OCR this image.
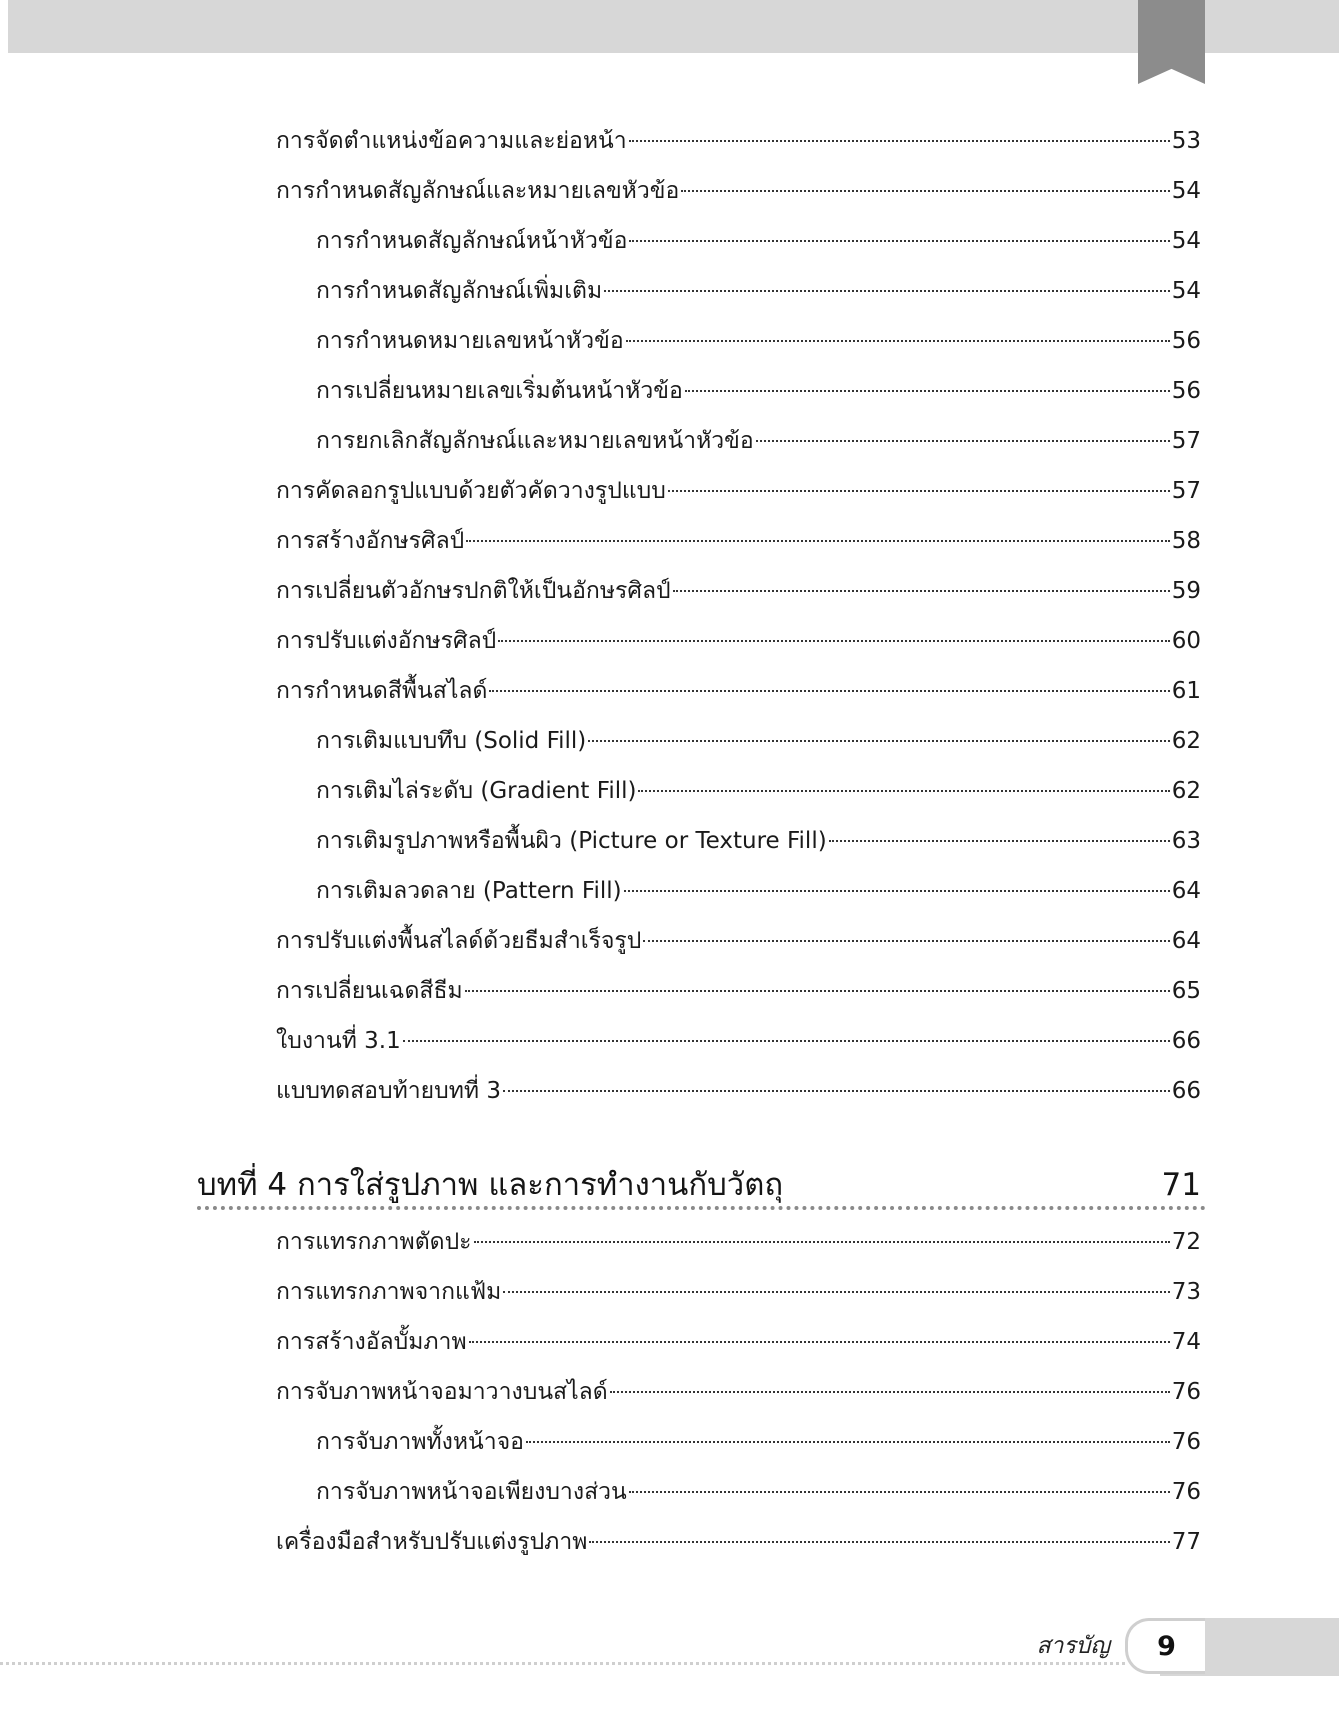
การจัดตำแหน่งข้อความและย่อหน้า	53
การกำหนดสัญลักษณ์และหมายเลขหัวข้อ	54
การกำหนดสัญลักษณ์หน้าหัวข้อ	54
การกำหนดสัญลักษณ์เพิ่มเติม	54
การกำหนดหมายเลขหน้าหัวข้อ	56
การเปลี่ยนหมายเลขเริ่มต้นหน้าหัวข้อ	56
การยกเลิกสัญลักษณ์และหมายเลขหน้าหัวข้อ	57
การคัดลอกรูปแบบด้วยตัวคัดวางรูปแบบ	57
การสร้างอักษรศิลป์	58
การเปลี่ยนตัวอักษรปกติให้เป็นอักษรศิลป์	59
การปรับแต่งอักษรศิลป์	60
การกำหนดสีพื้นสไลด์	61
การเติมแบบทึบ (Solid Fill)	62
การเติมไล่ระดับ (Gradient Fill)	62
การเติมรูปภาพหรือพื้นผิว (Picture or Texture Fill)	63
การเติมลวดลาย (Pattern Fill)	64
การปรับแต่งพื้นสไลด์ด้วยธีมสำเร็จรูป	64
การเปลี่ยนเฉดสีธีม	65
ใบงานที่ 3.1	66
แบบทดสอบท้ายบทที่ 3	66
การแทรกภาพตัดปะ	72
การแทรกภาพจากแฟ้ม	73
การสร้างอัลบั้มภาพ	74
การจับภาพหน้าจอมาวางบนสไลด์	76
การจับภาพทั้งหน้าจอ	76
การจับภาพหน้าจอเพียงบางส่วน	76
เครื่องมือสำหรับปรับแต่งรูปภาพ	77
บทที่ 4 การใส่รูปภาพ และการทำงานกับวัตถุ	71
สารบัญ 9
